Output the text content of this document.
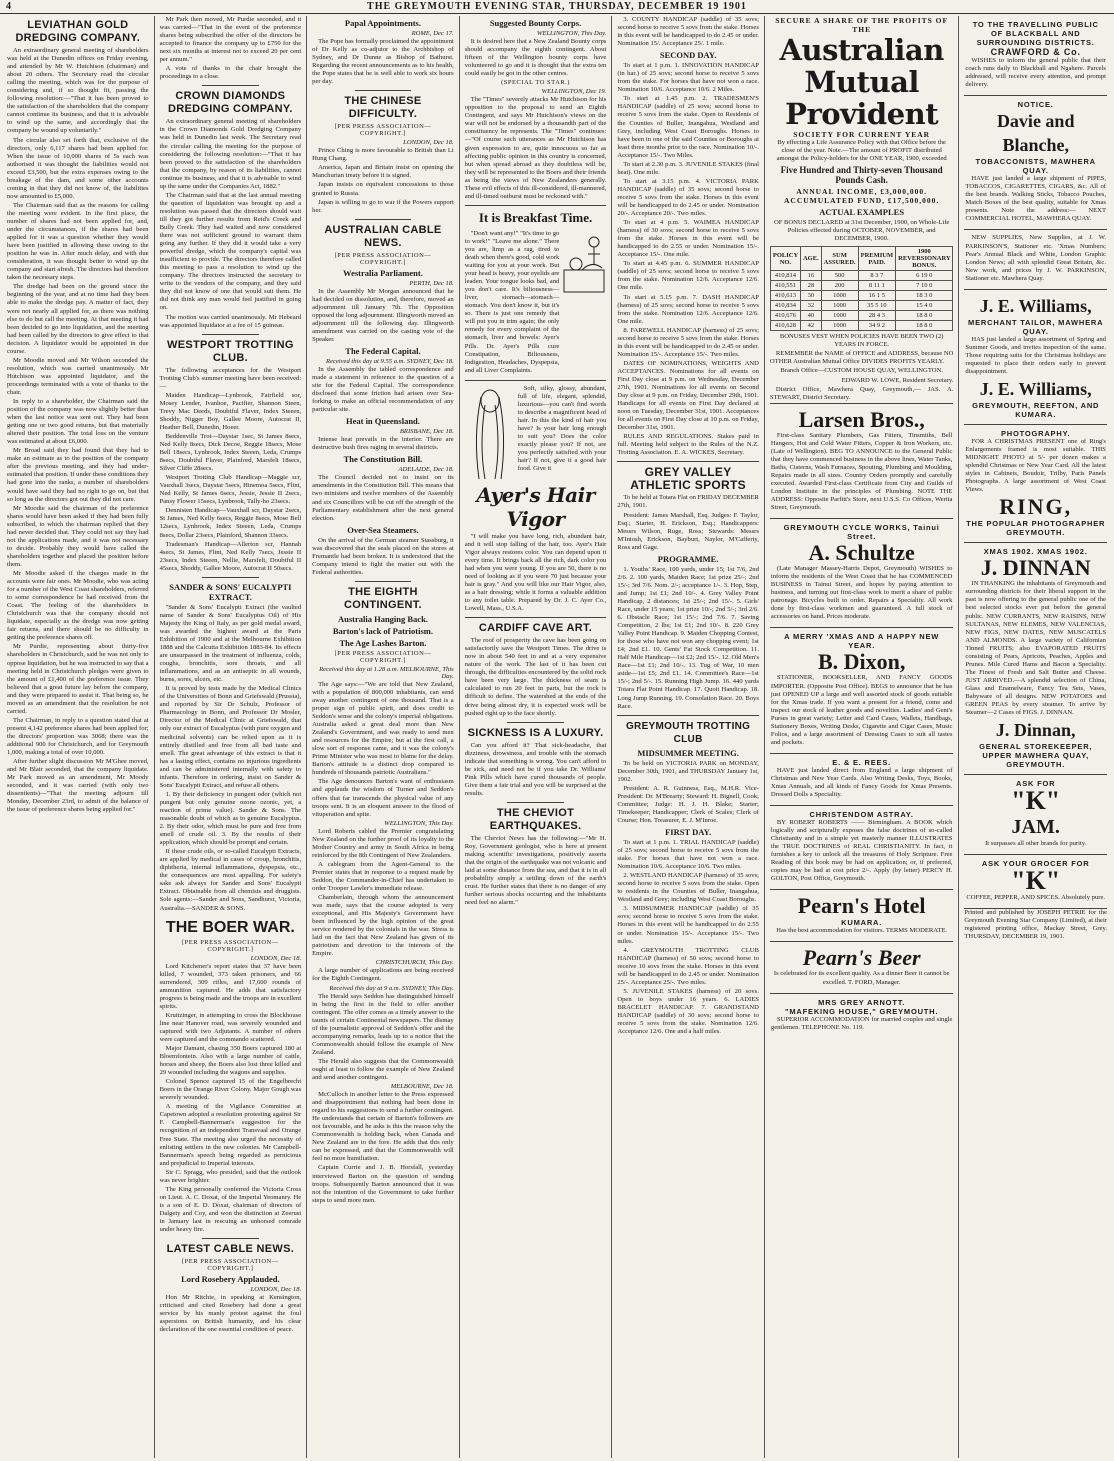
4	THE GREYMOUTH EVENING STAR, THURSDAY, DECEMBER 19 1901
LEVIATHAN GOLD DREDGING COMPANY.

An extraordinary general meeting of shareholders was held at the Dunedin offices on Friday evening, and attended by Mr W. Hutchison (chairman) and about 20 others. The Secretary read the circular calling the meeting, which was for the purpose of considering and, if so thought fit, passing the following resolution:—"That it has been proved to the satisfaction of the shareholders that the company cannot continue its business, and that it is advisable to wind up the same, and accordingly that the company be wound up voluntarily."

The circular also set forth that, exclusive of the directors, only 6,117 shares had been applied for. When the issue of 10,000 shares of 5s each was authorised it was thought the liabilities would not exceed £3,500, but the extra expenses owing to the breakage of the dam, and some other accounts coming in that they did not know of, the liabilities now amounted to £5,000.

The Chairman said that as the reasons for calling the meeting were evident. In the first place, the number of shares had not been applied for, and, under the circumstances, if the shares had been applied for it was a question whether they would have been justified in allowing these owing to the position he was in. After much delay, and with due consideration, it was thought better to wind up the company and start afresh. The directors had therefore taken the necessary steps.

The dredge had been on the ground since the beginning of the year, and at no time had they been able to make the dredge pay. A matter of fact, they were not nearly all applied for, as there was nothing else to do but call the meeting. At that meeting it had been decided to go into liquidation, and the meeting had been called by the directors to give effect to that decision. A liquidator would be appointed in due course.

Mr Moodie moved and Mr Wilson seconded the resolution, which was carried unanimously. Mr Hutchison was appointed liquidator, and the proceedings terminated with a vote of thanks to the chair.

In reply to a shareholder, the Chairman said the position of the company was now slightly better than when the last notice was sent out. They had been getting one or two good returns, but that materially altered their position. The total loss on the venture was estimated at about £6,000.

Mr Broad said they had found that they had to make an estimate as to the position of the company after the previous meeting, and they had under-estimated that position. If under these conditions they had gone into the ranks, a number of shareholders would have said they had no right to go on, but that so long as the directors got out they did not care.

Mr Moodie said the chairman of the preference shares would have been asked if they had been fully subscribed, to which the chairman replied that they had never decided that. They could not say they had not the applications made, and it was not necessary to decide. Probably they would have called the shareholders together and placed the position before them.

Mr Moodie asked if the charges made in the accounts were fair ones. Mr Moodie, who was acting for a number of the West Coast shareholders, referred to some correspondence he had received from the Coast. The feeling of the shareholders in Christchurch was that the company should not liquidate, especially as the dredge was now getting fair returns, and there should be no difficulty in getting the preference shares off.

Mr Purdie, representing about thirty-five shareholders in Christchurch, said he was not only to oppose liquidation, but he was instructed to say that a meeting held in Christchurch pledges were given to the amount of £1,400 of the preference issue. They believed that a great future lay before the company, and they were prepared to assist it. That being so, he moved as an amendment that the resolution be not carried.

The Chairman, in reply to a question stated that at present 4,142 preference shares had been applied for; the directors' proportion was 3068; there was the additional 900 for Christchurch, and for Greymouth 1,000, making a total of over 10,000.

After further slight discussion Mr M'Ghee moved, and Mr Blair seconded, that the company liquidate. Mr Park moved as an amendment, Mr Moody seconded, and it was carried (with only two dissentients)—"That the meeting adjourn till Monday, December 23rd, to admit of the balance of the issue of preference shares being applied for."

Mr Park then moved, Mr Purdie seconded, and it was carried—"That in the event of the preference shares being subscribed the offer of the directors be accepted to finance the company up to £750 for the next six months at interest not to exceed 20 per cent per annum."

A vote of thanks to the chair brought the proceedings to a close.

CROWN DIAMONDS DREDGING COMPANY.

An extraordinary general meeting of shareholders in the Crown Diamonds Gold Dredging Company was held in Dunedin last week. The Secretary read the circular calling the meeting for the purpose of considering the following resolution:—"That it has been proved to the satisfaction of the shareholders that the company, by reason of its liabilities, cannot continue its business, and that it is advisable to wind up the same under the Companies Act, 1882."

The Chairman said that at the last annual meeting the question of liquidation was brought up and a resolution was passed that the directors should wait till they got further results from Reid's Creek and Bully Creek. They had waited and now considered there was not sufficient ground to warrant them going any further. If they did it would take a very powerful dredge, which the company's capital was insufficient to provide. The directors therefore called this meeting to pass a resolution to wind up the company. The directors instructed the secretary to write to the vendors of the company, and they said they did not know of one that would suit them. He did not think any man would feel justified in going on.

The motion was carried unanimously. Mr Hebeard was appointed liquidator at a fee of 15 guineas.

WESTPORT TROTTING CLUB.

The following acceptances for the Westport Trotting Club's summer meeting have been received:—

Maiden Handicap—Lynbrook, Fairfield sor, Mosey Lender, Ivanhoe, Pacifier, Shannon Steen, Trevy Mac Deeds, Doubtful Flaver, Index Steeen, Shoddy, Nigger Boy, Gallee Moore, Autocrat II, Heather Bell, Dunedin, Hoeer.

Beddenville Trot—Daystar 1sec, St James 8secs, Ned Kelly 8secs, Dick Decoe, Reggie 18secs, Mose Bell 18secs, Lynbrook, Index Steeen, Leda, Crumps 8secs, Doubtful Flaver, Plainford, Marsfelt 18secs, Silver Cliffe 28secs.

Westport Trotting Club Handicap—Maggie scr, Vauxhall 3secs, Daystar 5secs, Hinemoa 5secs, Flint, Ned Kelly, St James 6secs, Jessie, Jessie II 2secs, Pansy Flower 15secs, Lynbrook, Tally-ho 23secs.

Dennisten Handicap—Vauxhall scr, Daystar 2secs, St James, Ned Kelly 6secs, Reggie 8secs, Mose Bell 12secs, Lynbrook, Index Steeen, Leda, Crumps 8secs, Dollar 23secs, Plainford, Shannon 33secs.

Tradesman's Handicap—Allerton scr, Hannah 4secs, St James, Flint, Ned Kelly 7secs, Jessie II 23secs, Index Steeen, Nellie, Marsfelt, Doubtful II 45secs, Shoddy, Gallee Moore, Autocrat II 50secs.

SANDER & SONS' EUCALYPTI EXTRACT.

"Sander & Sons' Eucalypti Extract (the vaulted name of Sander & Sons' Eucalyptus Oil) of His Majesty the King of Italy, as per gold medal award, was awarded the highest award at the Paris Exhibition of 1900 and at the Melbourne Exhibition 1888 and the Calcutta Exhibition 1883-84. Its effects are unsurpassed in the treatment of influenza, colds, coughs, bronchitis, sore throats, and all inflammations, and as an antiseptic in all wounds, burns, sores, ulcers, etc.

It is proved by tests made by the Medical Clinics of the Universities of Bonn and Griefswald (Prussia), and reported by Sir Dr Schulz, Professor of Pharmacology in Bonn, and Professor Dr Mosler, Director of the Medical Clinic at Griefswald, that only our extract of Eucalyptus (with pure oxygen and medicinal solvents) can be relied upon as it is entirely distilled and free from all bad taste and smell. The great advantage of this extract is that it has a lasting effect, contains no injurious ingredients and can be administered internally with safety to infants. Therefore in ordering, insist on Sander & Sons' Eucalypti Extract, and refuse all others.

1. By their deficiency in pungent odor (which not pungent but only genuine ozone ozonic, yet, a reaction of prime value). Sander & Sons. The reasonable doubt of which as to genuine Eucalyptus. 2. By their odor, which must be pure and free from smell of crude oil. 3. By the results of their application, which should be prompt and certain.

If these crude oils, or so-called Eucalypti Extracts, are applied by medical in cases of croup, bronchitis, diphtheria, internal inflammations, dyspepsia, etc., the consequences are most appalling. For safety's sake ask always for Sander and Sons' Eucalypti Extract. Obtainable from all chemists and druggists. Sole agents:—Sander and Sons, Sandhurst, Victoria, Australia.—SANDER & SONS.

THE BOER WAR.
[PER PRESS ASSOCIATION—COPYRIGHT.]
LONDON, Dec 18.

Lord Kitchener's report states that 37 have been killed, 7 wounded, 373 taken prisoners, and 66 surrendered, 309 rifles, and 17,600 rounds of ammunition captured. He adds that satisfactory progress is being made and the troops are in excellent spirits.

Kruitzinger, in attempting to cross the Blockhouse line near Hanover road, was severely wounded and captured with two Adjutants. A number of others were captured and the commando scattered.

Major Damant, chasing 350 Boers captured 180 at Bloemfontein. Also with a large number of cattle, horses and sheep, the Boers also lost three killed and 29 wounded including the wagons and supplies.

Colonel Spence captured 15 of the Engelbrecht Boers in the Orange River Colony. Major Gough was severely wounded.

A meeting of the Vigilance Committee at Capetown adopted a resolution protesting against Sir F. Campbell-Bannerman's suggestion for the recognition of an independent Transvaal and Orange Free State. The meeting also urged the necessity of enlisting settlers in the new colonies. Mr Campbell-Bannerman's speech being regarded as pernicious and prejudicial to Imperial interests.

Sir C. Spragg, who presided, said that the outlook was never brighter.

The King personally conferred the Victoria Cross on Lieut. A. C. Doxat, of the Imperial Yeomanry. He is a son of E. D. Doxat, chairman of directors of Dalgety and Coy, and won the distinction at Zeerust in January last in rescuing an unhorsed comrade under heavy fire.

LATEST CABLE NEWS.
[PER PRESS ASSOCIATION—COPYRIGHT.]
Lord Rosebery Applauded.
LONDON, Dec 18.

Hon Mr Ritchie, in speaking at Kensington, criticised and cited Rosebery had done a great service by his manly protest against the foul aspersions on British humanity, and his clear declaration of the one essential condition of peace.

Papal Appointments.
ROME, Dec 17.

The Pope has formally proclaimed the appointment of Dr Kelly as co-adjutor to the Archbishop of Sydney, and Dr Dunne as Bishop of Bathurst. Regarding the recent announcements as to his health, the Pope states that he is well able to work six hours per day.

THE CHINESE DIFFICULTY.
[PER PRESS ASSOCIATION—COPYRIGHT.]
LONDON, Dec 18.

Prince Ching is more favourable to British than Li Hung Chang.

America, Japan and Britain insist on opening the Manchurian treaty before it is signed.

Japan insists on equivalent concessions to those granted to Russia.

Japan is willing to go to war if the Powers support her.

AUSTRALIAN CABLE NEWS.
[PER PRESS ASSOCIATION—COPYRIGHT.]
Westralia Parliament.
PERTH, Dec 18.

In the Assembly Mr Morgan announced that he had decided on dissolution, and, therefore, moved an adjournment till January 7th. The Opposition opposed the long adjournment. Illingworth moved an adjournment till the following day. Illingworth amendment was carried on the casting vote of the Speaker.

The Federal Capital.
Received this day at 9.55 a.m. SYDNEY, Dec 18.

In the Assembly the tabled correspondence and made a statement in reference to the question of a site for the Federal Capital. The correspondence disclosed that some friction had arisen over Sea-forking to make an official recommendation of any particular site.

Heat in Queensland.
BRISBANE, Dec 18.

Intense heat prevails in the interior. There are destructive bush fires raging in several districts.

The Constitution Bill.
ADELAIDE, Dec 18.

The Council decided not to insist on its amendments in the Constitution Bill. This means that two ministers and twelve members of the Assembly and six Councillors will be cut off the strength of the Parliamentary establishment after the next general election.

Over-Sea Steamers.

On the arrival of the German steamer Stassburg, it was discovered that the seals placed on the stores at Fremantle had been broken. It is understood that the Company intend to fight the matter out with the Federal authorities.

THE EIGHTH CONTINGENT.
Australia Hanging Back.
Barton's lack of Patriotism.
The Age Lashes Barton.
[PER PRESS ASSOCIATION—COPYRIGHT.]
Received this day at 1.28 a.m. MELBOURNE, This Day.

The Age says:—"We are told that New Zealand, with a population of 800,000 inhabitants, can send away another contingent of one thousand. That is a proper sign of public spirit, and does credit to Seddon's sense and the colony's imperial obligations. Australia asked a great deal more than New Zealand's Government, and was ready to send men and resources for the Empire; but at the first call, a slow sort of response came, and it was the colony's Prime Minister who was most to blame for the delay. Barton's attitude is a distinct drop compared to hundreds of thousands patriotic Australians."

The Age denounces Barton's want of enthusiasm and applauds the wisdom of Turner and Seddon's offers that far transcends the physical value of any troops sent. It is an eloquent answer to the flood of vituperation and spite.

WELLINGTON, This Day.

Lord Roberts cabled the Premier congratulating New Zealand on the further proof of its loyalty to the Mother Country and army in South Africa in being reinforced by the 8th Contingent of New Zealanders.

A cablegram from the Agent-General to the Premier states that in response to a request made by Seddon, the Commander-in-Chief has undertaken to order Trooper Lawler's immediate release.

Chamberlain, through whom the announcement was made, says that the course adopted is very exceptional, and His Majesty's Government have been influenced by the high opinion of the great service rendered by the colonials in the war. Stress is laid on the fact that New Zealand has given of its patriotism and devotion to the interests of the Empire.

CHRISTCHURCH, This Day.

A large number of applications are being received for the Eighth Contingent.

Received this day at 9 a.m. SYDNEY, This Day.

The Herald says Seddon has distinguished himself in being the first in the field to offer another contingent. The offer comes as a timely answer to the taunts of certain Continental newspapers. The dismay of the journalistic approval of Seddon's offer and the accompanying remarks, leads up to a notice that the Commonwealth should follow the example of New Zealand.

The Herald also suggests that the Commonwealth ought at least to follow the example of New Zealand and send another contingent.

MELBOURNE, Dec 18.

McCulloch in another letter to the Press expressed and disappointment that nothing had been done in regard to his suggestions to send a further contingent. He understands that certain of Barton's followers are not favourable, and he asks is this the reason why the Commonwealth is holding back, when Canada and New Zealand are to the fore. He adds that this only can be expressed, and that the Commonwealth will feel no more humiliation.

Captain Currie and J. B. Horsfall, yesterday interviewed Barton on the question of sending troops. Subsequently Barton announced that it was not the intention of the Government to take further steps to send more men.

Suggested Bounty Corps.
WELLINGTON, This Day.

It is desired here that a New Zealand Bounty corps should accompany the eighth contingent. About fifteen of the Wellington bounty corps have volunteered to go and it is thought that the extra ten could easily be got in the other centres.

(SPECIAL TO STAR.)
WELLINGTON, Dec 19.

The "Times" severely attacks Mr Hutchison for his opposition to the proposal to send an Eighth Contingent, and says Mr Hutchison's views on the war will not be endorsed by a thousandth part of the constituency he represents. The "Times" continues:—"Of course such utterances as Mr Hutchison has given expression to are, quite innocuous so far as affecting public opinion in this country is concerned, but when spread abroad as they doubtless will be, they will be represented to the Boers and their friends as being the views of New Zealanders generally. These evil effects of this ill-considered, ill-mannered, and ill-timed outburst must be reckoned with."

It is Breakfast Time.

"Don't want any!" "It's time to go to work!" "Leave me alone." There you are, limp as a rag, tired to death when there's good, cold work waiting for you at your work. But your head is heavy, your eyelids are leaden. Your tongue looks bad, and you don't care. It's biliousness—liver, stomach—stomach—stomach. You don't know it, but it's so. There is just one remedy that will put you in trim again; the only remedy for every complaint of the stomach, liver and bowels: Ayer's Pills. Dr. Ayer's Pills cure Constipation, Biliousness, Indigestion, Headaches, Dyspepsia, and all Liver Complaints.

Soft, silky, glossy, abundant, full of life, elegant, splendid, luxurious—you can't find words to describe a magnificent head of hair. In this the kind of hair you have? Is your hair long enough to suit you? Does the color exactly please you? If not, are you perfectly satisfied with your hair? If not, give it a good hair food. Give it

Ayer's Hair Vigor

"I will make you have long, rich, abundant hair, and it will stop falling of the hair, too. Ayer's Hair Vigor always restores color. You can depend upon it every time. It brings back all the rich, dark color you had when you were young. If you are 50, there is no need of looking as if you were 70 just because your hair is gray." And you will like our Hair Vigor, also, as a hair dressing; while it forms a valuable addition to any toilet table. Prepared by Dr. J. C. Ayer Co., Lowell, Mass., U.S.A.

CARDIFF CAVE ART.

The roof of prosperity the cave has been going on satisfactorily save the Westport Times. The drive is now in about 540 feet in and at a very expensive nature of the work. The last of it has been cut through, the difficulties encountered by the solid rock have been very large. The thickness of seam is calculated to run 20 feet in parts, but the rock is difficult to define. The watershed at the ends of the drive being almost dry, it is expected work will be pushed right up to the face shortly.

SICKNESS IS A LUXURY.

Can you afford it? That sick-headache, that dizziness, drowsiness, and trouble with the stomach indicate that something is wrong. You can't afford to be sick, and need not be if you take Dr. Williams' Pink Pills which have cured thousands of people. Give them a fair trial and you will be surprised at the results.

THE CHEVIOT EARTHQUAKES.

The Cheviot News has the following:—"Mr H. Roy, Government geologist, who is here at present making scientific investigations, positively asserts that the origin of the earthquake was not volcanic and laid at some distance from the sea, and that it is in all probability simply a settling down of the earth's crust. He further states that there is no danger of any further serious shocks occurring and the inhabitants need feel no alarm."

3. COUNTY HANDICAP (saddle) of 35 sovs; second horse to receive 5 sovs from the stake. Horses in this event will be handicapped to do 2.45 or under. Nomination 15/. Acceptance 25/. 1 mile.

SECOND DAY.

To start at 1 p.m. 1. INNOVATION HANDICAP (in har.) of 25 sovs; second horse to receive 5 sovs from the stake. For horses that have not won a race. Nomination 10/6. Acceptance 10/6. 2 Miles.

To start at 1.45 p.m. 2. TRADESMEN'S HANDICAP (saddle) of 25 sovs; second horse to receive 5 sovs from the stake. Open to Residents of the Counties of Buller, Inangahua, Westland and Grey, including West Coast Boroughs. Horses to have been in one of the said Counties or Boroughs at least three months prior to the race. Nomination 10/-. Acceptance 15/-. Two Miles.

To start at 2.30 p.m. 3. JUVENILE STAKES (final heat). One mile.

To start at 3.15 p.m. 4. VICTORIA PARK HANDICAP (saddle) of 35 sovs; second horse to receive 5 sovs from the stake. Horses in this event will be handicapped to do 2.45 or under. Nomination 20/-. Acceptance 20/-. Two miles.

To start at 4 p.m. 5. WAIMEA HANDICAP (harness) of 30 sovs; second horse to receive 5 sovs from the stake. Horses in this event will be handicapped to do 2.55 or under. Nomination 15/-. Acceptance 15/-. One mile.

To start at 4.45 p.m. 6. SUMMER HANDICAP (saddle) of 25 sovs; second horse to receive 5 sovs from the stake. Nomination 12/6. Acceptance 12/6. One mile.

To start at 5.15 p.m. 7. DASH HANDICAP (harness) of 25 sovs; second horse to receive 5 sovs from the stake. Nomination 12/6. Acceptance 12/6. One mile.

8. FAREWELL HANDICAP (harness) of 25 sovs; second horse to receive 5 sovs from the stake. Horses in this event will be handicapped to do 2.45 or under. Nomination 15/-. Acceptance 15/-. Two miles.

DATES OF NOMINATIONS, WEIGHTS AND ACCEPTANCES. Nominations for all events on First Day close at 9 p.m. on Wednesday, December 27th, 1901. Nominations for all events on Second Day close at 9 p.m. on Friday, December 29th, 1901. Handicaps for all events on First Day declared at noon on Tuesday, December 31st, 1901. Acceptances for all events on First Day close at 10 p.m. on Friday, December 31st, 1901.

RULES AND REGULATIONS. Stakes paid in full. Meeting held subject to the Rules of the N.Z. Trotting Association. E. A. WICKES, Secretary.

GREY VALLEY ATHLETIC SPORTS

To be held at Totara Flat on FRIDAY DECEMBER 27th, 1901.

President: James Marshall, Esq. Judges: F. Taylor, Esq.; Starter, H. Erickson, Esq.; Handicappers: Messrs Wilson, Ruge, Ross; Stewards: Messrs M'Intosh, Erickson, Bayburt, Naylor, M'Cafferty, Ross and Gage.

PROGRAMME.

1. Youths' Race, 100 yards, under 15; 1st 7/6, 2nd 2/6. 2. 100 yards, Maiden Race; 1st prize 25/-; 2nd 15/-; 3rd 7/6. Nom. 2/-; acceptance 1/-. 3. Hop, Step, and Jump; 1st £1; 2nd 10/-. 4. Grey Valley Point Handicap, 2 distances; 1st 25/-; 2nd 15/-. 5. Girls' Race, under 15 years; 1st prize 10/-; 2nd 5/-; 3rd 2/6. 6. Obstacle Race; 1st 15/-; 2nd 7/6. 7. Saving Competition, 2 lbs; 1st £1; 2nd 10/-. 8. 220 Grey Valley Point Handicap. 9. Maiden Chopping Contest, for those who have not won any chopping event; 1st £4; 2nd £1. 10. Gents' Fat Stock Competition. 11. Half Mile Handicap—1st £2; 2nd 15/-. 12. Old Men's Race—1st £1; 2nd 10/-. 13. Tug of War, 10 men aside—1st £5; 2nd £1. 14. Committee's Race—1st 15/-; 2nd 5/-. 15. Running High Jump. 16. 440 yards Totara Flat Point Handicap. 17. Quoit Handicap. 18. Long Jump Running. 19. Consolation Race. 20. Boys Race.

GREYMOUTH TROTTING CLUB
MIDSUMMER MEETING.

To be held on VICTORIA PARK on MONDAY, December 30th, 1901, and THURSDAY January 1st, 1902.

President: A. R. Guinness, Esq., M.H.R. Vice-President: Dr. M'Brearty; Steward: H. Bignell, Cook; Committee; Judge: H. J. H. Blake; Starter; Timekeeper; Handicapper; Clerk of Scales; Clerk of Course; Hon. Treasurer, E. J. M'Inroe.

FIRST DAY.

To start at 1 p.m. 1. TRIAL HANDICAP (saddle) of 25 sovs; second horse to receive 5 sovs from the stake. For horses that have not won a race. Nomination 10/6. Acceptance 10/6. Two miles.

2. WESTLAND HANDICAP (harness) of 35 sovs; second horse to receive 5 sovs from the stake. Open to residents in the Counties of Buller, Inangahua, Westland and Grey; including West Coast Boroughs.

3. MIDSUMMER HANDICAP (saddle) of 35 sovs; second horse to receive 5 sovs from the stake. Horses in this event will be handicapped to do 2.55 or under. Nomination 15/-. Acceptance 15/-. Two miles.

4. GREYMOUTH TROTTING CLUB HANDICAP (harness) of 50 sovs; second horse to receive 10 sovs from the stake. Horses in this event will be handicapped to do 2.45 or under. Nomination 25/-. Acceptance 25/-. Two miles.

5. JUVENILE STAKES (harness) of 20 sovs. Open to boys under 16 years. 6. LADIES BRACELET HANDICAP. 7. GRANDSTAND HANDICAP (saddle) of 30 sovs; second horse to receive 5 sovs from the stake. Nomination 12/6. Acceptance 12/6. One and a half miles.

SECURE A SHARE OF THE PROFITS OF THE
Australian Mutual Provident
SOCIETY FOR CURRENT YEAR

By effecting a Life Assurance Policy with that Office before the close of the year. Note.—The amount of PROFIT distributed amongst the Policy-holders for the ONE YEAR, 1900, exceeded

Five Hundred and Thirty-seven Thousand Pounds Cash.
ANNUAL INCOME, £3,000,000. ACCUMULATED FUND, £17,500,000.
ACTUAL EXAMPLES

OF BONUS DECLARED at 31st December, 1900, on Whole-Life Policies effected during OCTOBER, NOVEMBER, and DECEMBER, 1900.

POLICY NO.	AGE.	SUM ASSURED.	PREMIUM PAID.	1900 REVERSIONARY BONUS.
410,814	16	500	8 3 7	6 19 0
410,551	28	200	8 11 1	7 10 0
410,613	30	1000	16 1 5	18 3 0
410,834	32	1000	35 5 10	15 4 0
410,676	40	1000	28 4 3	18 8 0
410,628	42	1000	34 9 2	18 8 0

BONUSES VEST WHEN POLICIES HAVE BEEN TWO (2) YEARS IN FORCE.

REMEMBER the NAME of OFFICE and ADDRESS, because NO OTHER Australian Mutual Office DIVIDES PROFITS YEARLY.

Branch Office—CUSTOM HOUSE QUAY, WELLINGTON.

EDWARD W. LOWE, Resident Secretary.

District Office, Mawhera Quay, Greymouth,— JAS. A. STEWART, District Secretary.

Larsen Bros.,

First-class Sanitary Plumbers, Gas Fitters, Tinsmiths, Bell Hangers, Hot and Cold Water Fitters, Copper & Iron Workers, etc. (Late of Wellington). BEG TO ANNOUNCE to the General Public that they have commenced business in the above lines, Water Tanks, Baths, Cisterns, Wash Furnaces, Spouting, Plumbing and Moulding, Repairs made in all sizes. Country Orders promptly and carefully executed. Awarded First-class Certificate from City and Guilds of London Institute in the principles of Plumbing. NOTE THE ADDRESS: Opposite Parfitt's Store, next U.S.S. Co Offices, Werita Street, Greymouth.

GREYMOUTH CYCLE WORKS, Tainui Street.
A. Schultze

(Late Manager Massey-Harris Depot, Greymouth) WISHES to inform the residents of the West Coast that he has COMMENCED BUSINESS in Tainui Street, and hopes by paying attention to business, and turning out first-class work to merit a share of public patronage. Bicycles built to order. Repairs a Speciality. All work done by first-class workmen and guaranteed. A full stock of accessories on hand. Prices moderate.

A MERRY 'XMAS AND A HAPPY NEW YEAR.
B. Dixon,

STATIONER, BOOKSELLER, AND FANCY GOODS IMPORTER. (Opposite Post Office). BEGS to announce that he has just OPENED UP a large and well assorted stock of goods suitable for the Xmas trade. If you want a present for a friend, come and inspect our stock of leather goods and novelties. Ladies' and Gent's Purses in great variety; Letter and Card Cases, Wallets, Handbags, Stationery Boxes, Writing Desks, Cigarette and Cigar Cases, Music Folios, and a large assortment of Dressing Cases to suit all tastes and pockets.

E. & E. REES.

HAVE just landed direct from England a large shipment of Christmas and New Year Cards. Also Writing Desks, Toys, Books, Xmas Annuals, and all kinds of Fancy Goods for Xmas Presents. Dressed Dolls a Speciality.

CHRISTENDOM ASTRAY.

BY ROBERT ROBERTS —— Birmingham. A BOOK which logically and scripturally exposes the false doctrines of so-called Christianity and in a simple yet masterly manner ILLUSTRATES the TRUE DOCTRINES of REAL CHRISTIANITY. In fact, it furnishes a key to unlock all the treasures of Holy Scripture. Free Reading of this book may be had on application; or, if preferred, copies may be had at cost price 2/-. Apply (by letter) PERCY H. GOLTON, Post Office, Greymouth.

Pearn's Hotel
KUMARA.

Has the best accommodation for visitors. TERMS MODERATE.

Pearn's Beer

Is celebrated for its excellent quality. As a dinner Beer it cannot be excelled. T. FORD, Manager.

MRS GREY ARNOTT.
"MAFEKING HOUSE," GREYMOUTH.

SUPERIOR ACCOMMODATION for married couples and single gentlemen. TELEPHONE No. 119.

TO THE TRAVELLING PUBLIC OF BLACKBALL AND SURROUNDING DISTRICTS.
CRAWFORD & Co.

WISHES to inform the general public that their coach runs daily to Blackball and Ngahere. Parcels addressed, will receive every attention, and prompt delivery.

NOTICE.
Davie and Blanche,
TOBACCONISTS, MAWHERA QUAY.

HAVE just landed a large shipment of PIPES, TOBACCOS, CIGARETTES, CIGARS, &c. All of the best brands. Walking Sticks, Tobacco Pouches, Match Boxes of the best quality, suitable for Xmas presents. Note the address:— NEXT COMMERCIAL HOTEL, MAWHERA QUAY.

NEW SUPPLIES, New Supplies, at J. W. PARKINSON'S, Stationer etc. 'Xmas Numbers; Pear's Annual Black and White, London Graphic London News; all with splendid Great Britain, &c. New work, and prices by J. W. PARKINSON, Stationer etc. Mawhera Quay.

J. E. Williams,
MERCHANT TAILOR, MAWHERA QUAY.

HAS just landed a large assortment of Spring and Summer Goods, and invites inspection of the same. Those requiring suits for the Christmas holidays are requested to place their orders early to prevent disappointment.

J. E. Williams,
GREYMOUTH, REEFTON, AND KUMARA.
PHOTOGRAPHY.

FOR A CHRISTMAS PRESENT one of Ring's Enlargements framed is most suitable. THIS MIDNIGHT PHOTO at 5/- per dozen makes a splendid Christmas or New Year Card. All the latest styles in Cabinets, Boudoir, Trilby, Paris Panels Photographs. A large assortment of West Coast Views.

RING,
THE POPULAR PHOTOGRAPHER GREYMOUTH.
XMAS 1902. XMAS 1902.
J. DINNAN

IN THANKING the inhabitants of Greymouth and surrounding districts for their liberal support in the past is now offering to the general public one of the best selected stocks ever put before the general public. NEW CURRANTS, NEW RAISINS, NEW SULTANAS, NEW ELEMES, NEW VALENCIAS, NEW FIGS, NEW DATES, NEW MUSCATELS AND ALMONDS. A large variety of Californian Tinned FRUITS; also EVAPORATED FRUITS consisting of Pears, Apricots, Peaches, Apples and Prunes. Mile Cured Hams and Bacon a Speciality. The Finest of Fresh and Salt Butter and Cheese. JUST ARRIVED.—A splendid selection of China, Glass and Enamelware, Fancy Tea Sets, Vases, Babyware of all designs. NEW POTATOES and GREEN PEAS by every steamer. To arrive by Steamer—2 Cases of FIGS. J. DINNAN.

J. Dinnan,
GENERAL STOREKEEPER, UPPER MAWHERA QUAY, GREYMOUTH.
ASK FOR
"K"
JAM.

It surpasses all other brands for purity.

ASK YOUR GROCER FOR
"K"

COFFEE, PEPPER, AND SPICES. Absolutely pure.

Printed and published by JOSEPH PETRIE for the Greymouth Evening Star Company (Limited), at their registered printing office, Mackay Street, Grey. THURSDAY, DECEMBER 19, 1901.
